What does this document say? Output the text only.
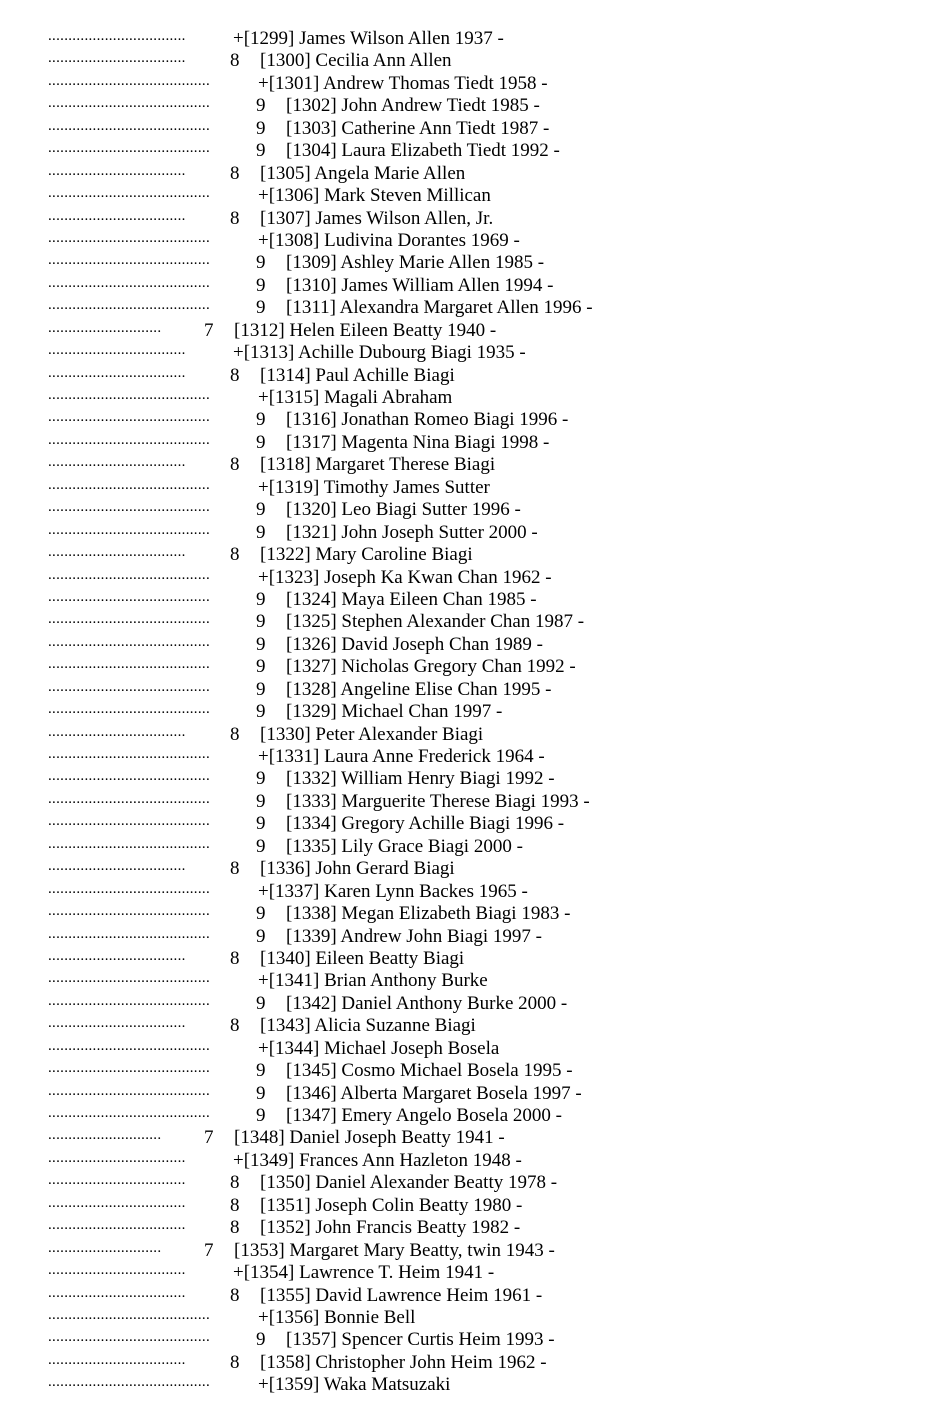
..................................	+[1299] James Wilson Allen 1937 -
..................................	8 [1300] Cecilia Ann Allen
........................................	+[1301] Andrew Thomas Tiedt 1958 -
........................................	9 [1302] John Andrew Tiedt 1985 -
........................................	9 [1303] Catherine Ann Tiedt 1987 -
........................................	9 [1304] Laura Elizabeth Tiedt 1992 -
..................................	8 [1305] Angela Marie Allen
........................................	+[1306] Mark Steven Millican
..................................	8 [1307] James Wilson Allen, Jr.
........................................	+[1308] Ludivina Dorantes 1969 -
........................................	9 [1309] Ashley Marie Allen 1985 -
........................................	9 [1310] James William Allen 1994 -
........................................	9 [1311] Alexandra Margaret Allen 1996 -
............................	7 [1312] Helen Eileen Beatty 1940 -
..................................	+[1313] Achille Dubourg Biagi 1935 -
..................................	8 [1314] Paul Achille Biagi
........................................	+[1315] Magali Abraham
........................................	9 [1316] Jonathan Romeo Biagi 1996 -
........................................	9 [1317] Magenta Nina Biagi 1998 -
..................................	8 [1318] Margaret Therese Biagi
........................................	+[1319] Timothy James Sutter
........................................	9 [1320] Leo Biagi Sutter 1996 -
........................................	9 [1321] John Joseph Sutter 2000 -
..................................	8 [1322] Mary Caroline Biagi
........................................	+[1323] Joseph Ka Kwan Chan 1962 -
........................................	9 [1324] Maya Eileen Chan 1985 -
........................................	9 [1325] Stephen Alexander Chan 1987 -
........................................	9 [1326] David Joseph Chan 1989 -
........................................	9 [1327] Nicholas Gregory Chan 1992 -
........................................	9 [1328] Angeline Elise Chan 1995 -
........................................	9 [1329] Michael Chan 1997 -
..................................	8 [1330] Peter Alexander Biagi
........................................	+[1331] Laura Anne Frederick 1964 -
........................................	9 [1332] William Henry Biagi 1992 -
........................................	9 [1333] Marguerite Therese Biagi 1993 -
........................................	9 [1334] Gregory Achille Biagi 1996 -
........................................	9 [1335] Lily Grace Biagi 2000 -
..................................	8 [1336] John Gerard Biagi
........................................	+[1337] Karen Lynn Backes 1965 -
........................................	9 [1338] Megan Elizabeth Biagi 1983 -
........................................	9 [1339] Andrew John Biagi 1997 -
..................................	8 [1340] Eileen Beatty Biagi
........................................	+[1341] Brian Anthony Burke
........................................	9 [1342] Daniel Anthony Burke 2000 -
..................................	8 [1343] Alicia Suzanne Biagi
........................................	+[1344] Michael Joseph Bosela
........................................	9 [1345] Cosmo Michael Bosela 1995 -
........................................	9 [1346] Alberta Margaret Bosela 1997 -
........................................	9 [1347] Emery Angelo Bosela 2000 -
............................	7 [1348] Daniel Joseph Beatty 1941 -
..................................	+[1349] Frances Ann Hazleton 1948 -
..................................	8 [1350] Daniel Alexander Beatty 1978 -
..................................	8 [1351] Joseph Colin Beatty 1980 -
..................................	8 [1352] John Francis Beatty 1982 -
............................	7 [1353] Margaret Mary Beatty, twin 1943 -
..................................	+[1354] Lawrence T. Heim 1941 -
..................................	8 [1355] David Lawrence Heim 1961 -
........................................	+[1356] Bonnie Bell
........................................	9 [1357] Spencer Curtis Heim 1993 -
..................................	8 [1358] Christopher John Heim 1962 -
........................................	+[1359] Waka Matsuzaki
